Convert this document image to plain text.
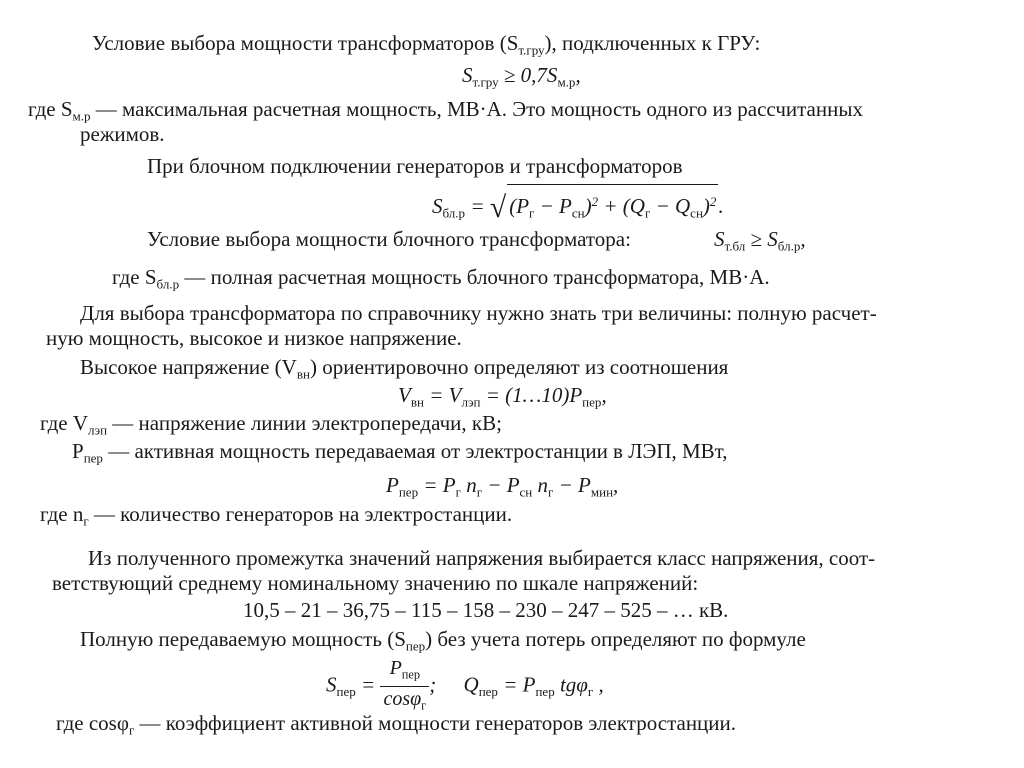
Условие выбора мощности трансформаторов $(S_{т.гру})$, подключенных к ГРУ:
$S_{т.гру} \ge 0,7S_{м.р}$,
где $S_{м.р}$ — максимальная расчетная мощность, МВ·А. Это мощность одного из рассчитанных
режимов.
При блочном подключении генераторов и трансформаторов
$S_{бл.р}$ = √ $(P_г - P_{сн})^2 + (Q_г - Q_{сн})^2$.
Условие выбора мощности блочного трансформатора:	$S_{т.бл} \ge S_{бл.р}$,
где $S_{бл.р}$ — полная расчетная мощность блочного трансформатора, МВ·А.
Для выбора трансформатора по справочнику нужно знать три величины: полную расчет-
ную мощность, высокое и низкое напряжение.
Высокое напряжение $(V_{вн})$ ориентировочно определяют из соотношения
$V_{вн} = V_{лэп}$ = $(1\dots 10)P_{пер}$,
где $V_{лэп}$ — напряжение линии электропередачи, кВ;
$P_{пер}$ — активная мощность передаваемая от электростанции в ЛЭП, МВт,
$P_{пер} = P_г$ $n_г - P_{сн}$ $n_г - P_{мин}$,
где $n_г$ — количество генераторов на электростанции.
Из полученного промежутка значений напряжения выбирается класс напряжения, соот-
ветствующий среднему номинальному значению по шкале напряжений:
10,5 – 21 – 36,75 – 115 – 158 – 230 – 247 – 525 – … кВ.
Полную передаваемую мощность $(S_{пер})$ без учета потерь определяют по формуле
$S_{пер} = \frac{P_{пер}}{\cos\varphi_г}$ ; $Q_{пер} = P_{пер}$ tgφ$_г$ ,
где cosφ$_г$ — коэффициент активной мощности генераторов электростанции.
